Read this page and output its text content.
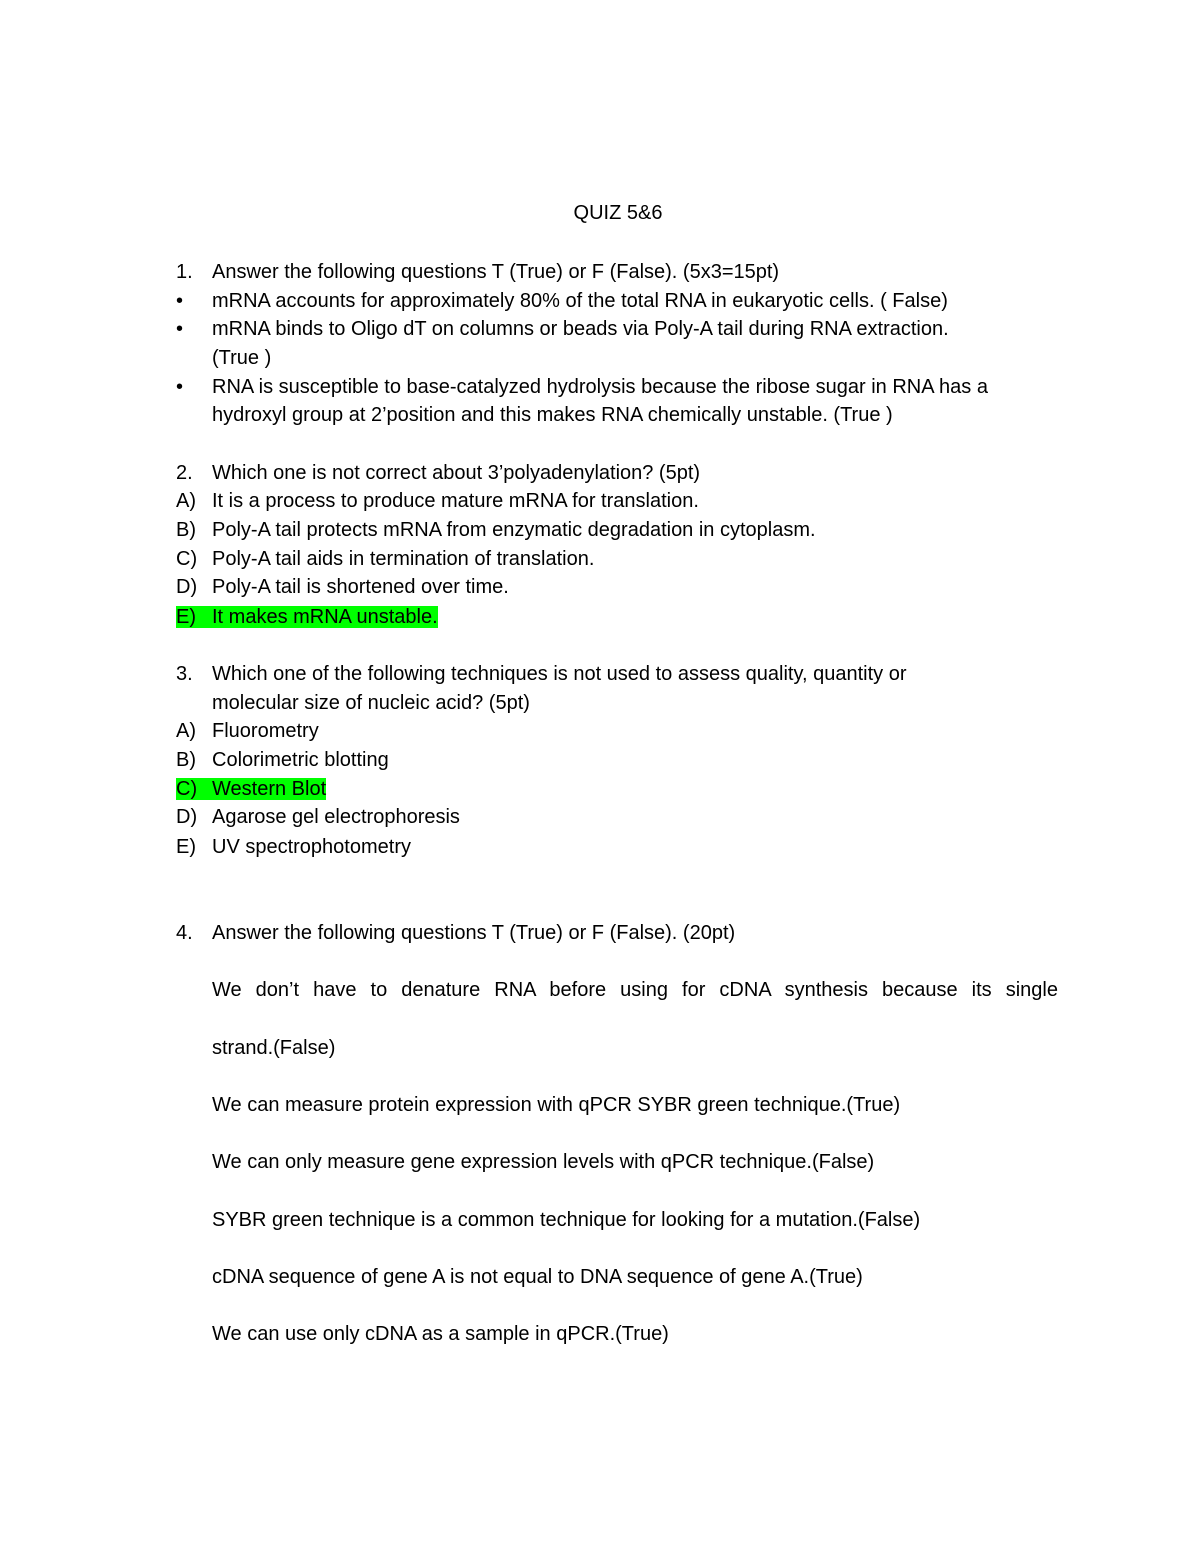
QUIZ 5&6
1. Answer the following questions T (True) or F (False). (5x3=15pt)
• mRNA accounts for approximately 80% of the total RNA in eukaryotic cells. ( False)
• mRNA binds to Oligo dT on columns or beads via Poly-A tail during RNA extraction.
(True )
• RNA is susceptible to base-catalyzed hydrolysis because the ribose sugar in RNA has a
hydroxyl group at 2’position and this makes RNA chemically unstable. (True )
2. Which one is not correct about 3’polyadenylation? (5pt)
A) It is a process to produce mature mRNA for translation.
B) Poly-A tail protects mRNA from enzymatic degradation in cytoplasm.
C) Poly-A tail aids in termination of translation.
D) Poly-A tail is shortened over time.
E) It makes mRNA unstable.
3. Which one of the following techniques is not used to assess quality, quantity or
molecular size of nucleic acid? (5pt)
A) Fluorometry
B) Colorimetric blotting
C) Western Blot
D) Agarose gel electrophoresis
E) UV spectrophotometry
4. Answer the following questions T (True) or F (False). (20pt)
We don’t have to denature RNA before using for cDNA synthesis because its single
strand.(False)
We can measure protein expression with qPCR SYBR green technique.(True)
We can only measure gene expression levels with qPCR technique.(False)
SYBR green technique is a common technique for looking for a mutation.(False)
cDNA sequence of gene A is not equal to DNA sequence of gene A.(True)
We can use only cDNA as a sample in qPCR.(True)
